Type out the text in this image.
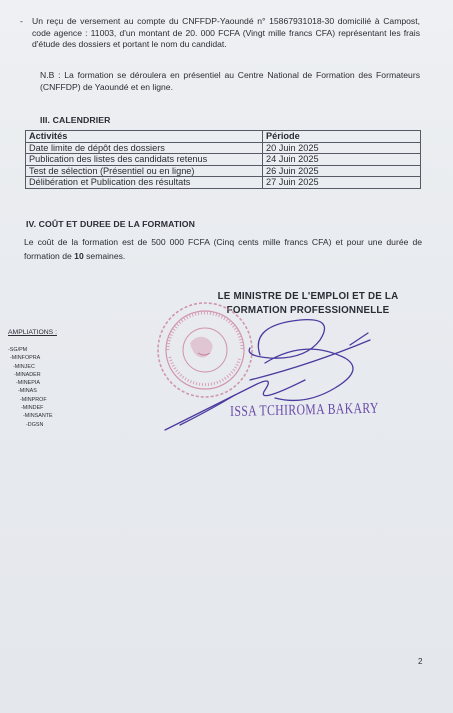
- Un reçu de versement au compte du CNFFDP-Yaoundé n° 15867931018-30 domicilié à Campost, code agence : 11003, d'un montant de 20. 000 FCFA (Vingt mille francs CFA) représentant les frais d'étude des dossiers et portant le nom du candidat.
N.B : La formation se déroulera en présentiel au Centre National de Formation des Formateurs (CNFFDP) de Yaoundé et en ligne.
III. CALENDRIER
Activités	Période
Date limite de dépôt des dossiers	20 Juin 2025
Publication des listes des candidats retenus	24 Juin 2025
Test de sélection (Présentiel ou en ligne)	26 Juin 2025
Délibération et Publication des résultats	27 Juin 2025
IV. COÛT ET DUREE DE LA FORMATION
Le coût de la formation est de 500 000 FCFA (Cinq cents mille francs CFA) et pour une durée de formation de 10 semaines.
LE MINISTRE DE L'EMPLOI ET DE LA
FORMATION PROFESSIONNELLE
AMPLIATIONS :
-SG/PM
-MINFOPRA
-MINJEC
-MINADER
-MINEPIA
-MINAS
-MINPROF
-MINDEF
-MINSANTE
-DGSN
ISSA TCHIROMA BAKARY
2
